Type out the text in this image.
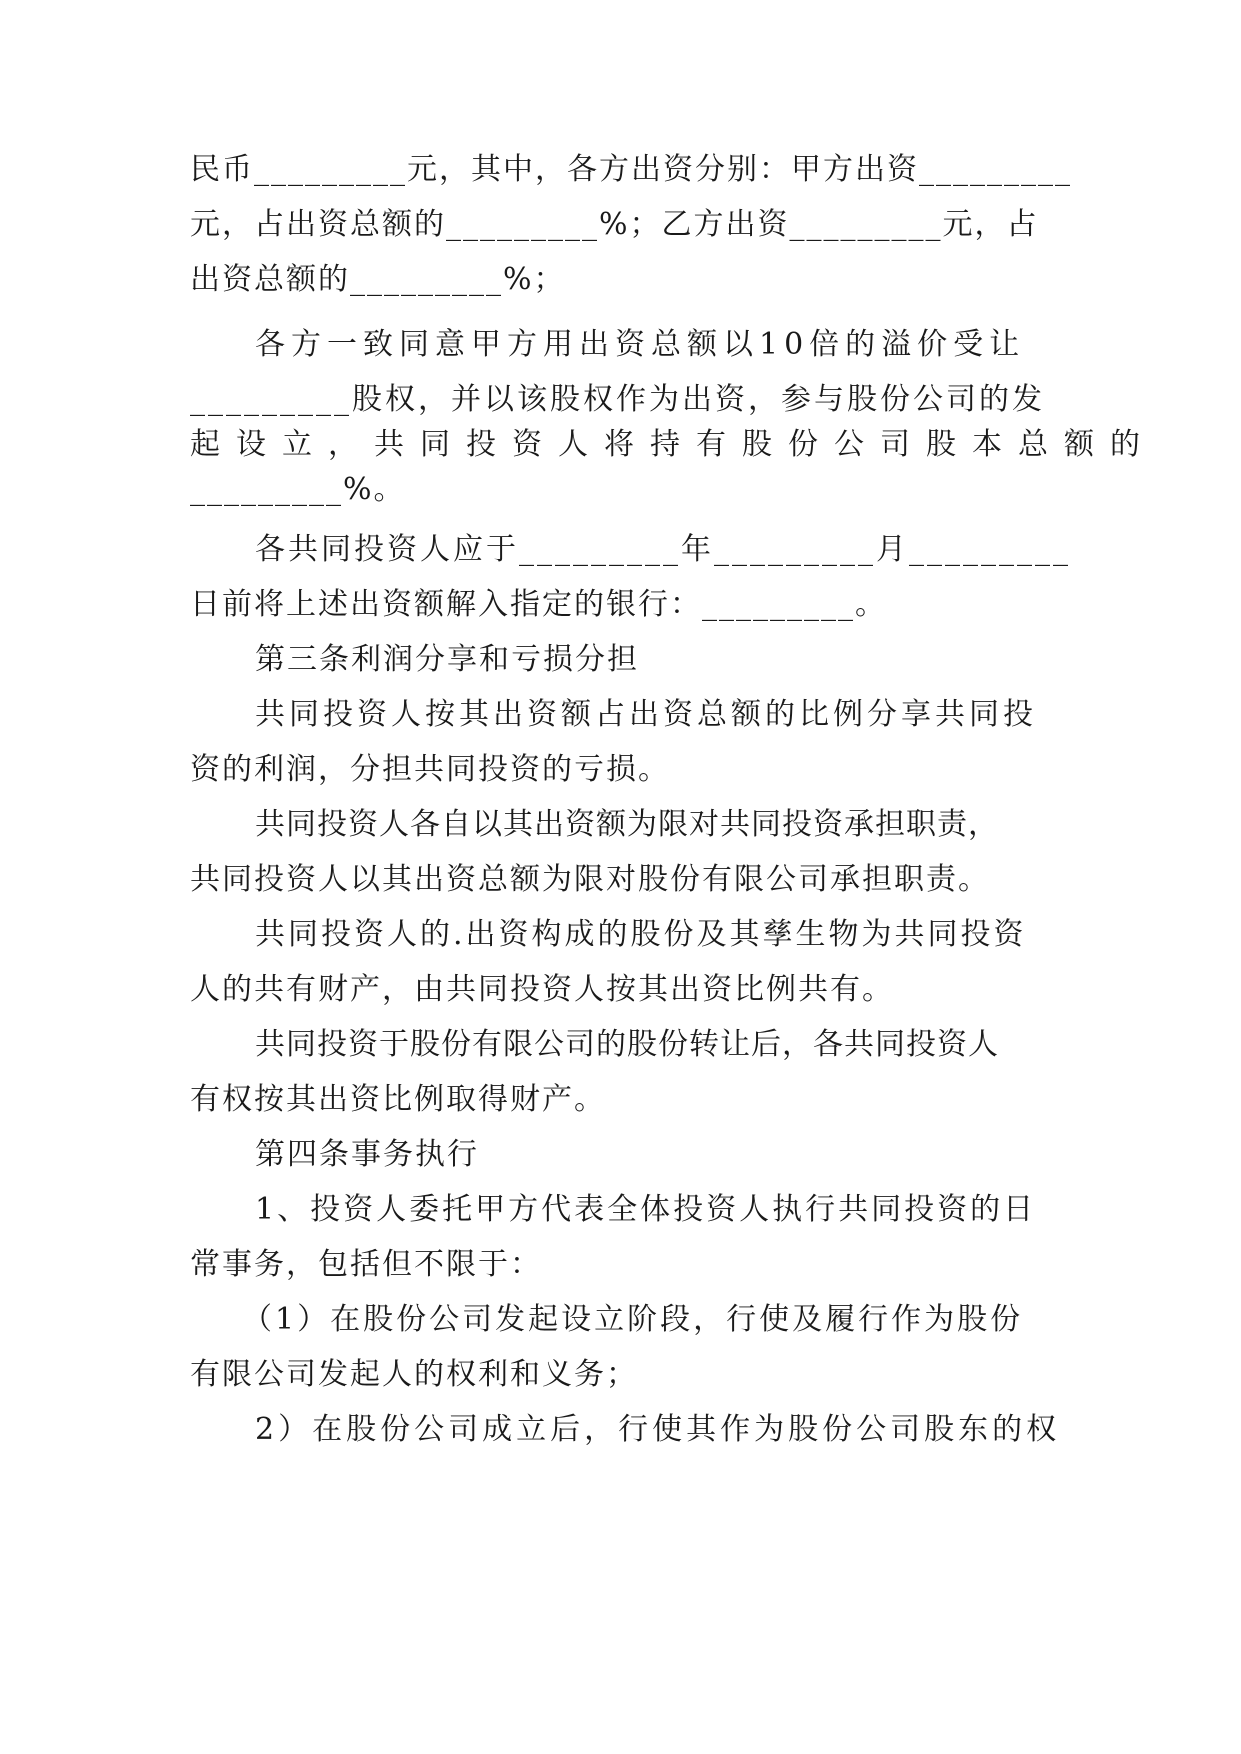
民币_________元，其中，各方出资分别：甲方出资_________
元，占出资总额的_________%；乙方出资_________元，占
出资总额的_________%；
各方一致同意甲方用出资总额以10倍的溢价受让
_________股权，并以该股权作为出资，参与股份公司的发
起设立，共同投资人将持有股份公司股本总额的
_________%。
各共同投资人应于_________年_________月_________
日前将上述出资额解入指定的银行：_________。
第三条利润分享和亏损分担
共同投资人按其出资额占出资总额的比例分享共同投
资的利润，分担共同投资的亏损。
共同投资人各自以其出资额为限对共同投资承担职责，
共同投资人以其出资总额为限对股份有限公司承担职责。
共同投资人的.出资构成的股份及其孳生物为共同投资
人的共有财产，由共同投资人按其出资比例共有。
共同投资于股份有限公司的股份转让后，各共同投资人
有权按其出资比例取得财产。
第四条事务执行
1、投资人委托甲方代表全体投资人执行共同投资的日
常事务，包括但不限于：
（1）在股份公司发起设立阶段，行使及履行作为股份
有限公司发起人的权利和义务；
2）在股份公司成立后，行使其作为股份公司股东的权
